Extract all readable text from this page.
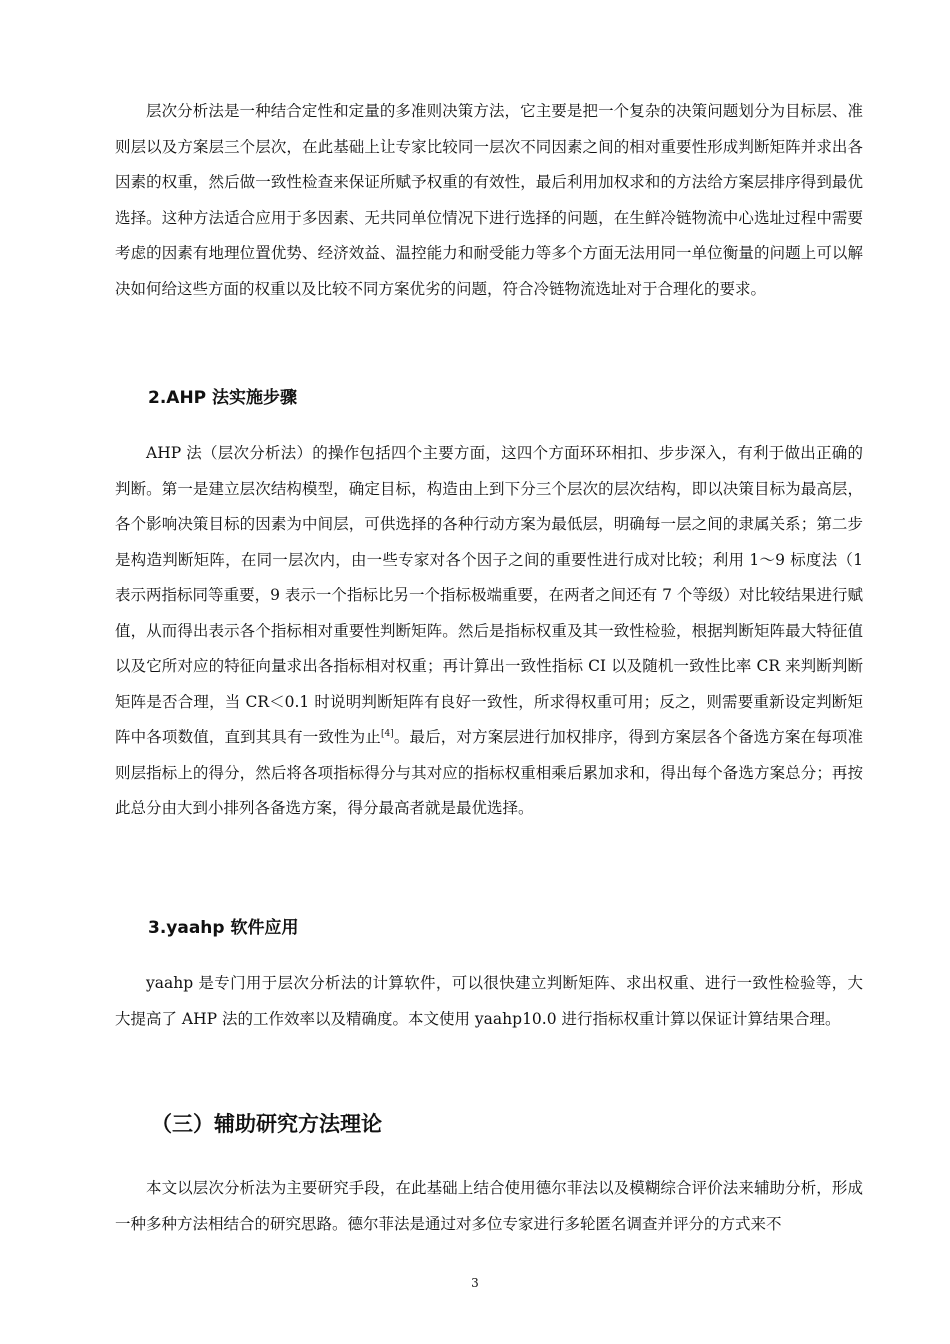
层次分析法是一种结合定性和定量的多准则决策方法，它主要是把一个复杂的决策问题划分为目标层、准则层以及方案层三个层次，在此基础上让专家比较同一层次不同因素之间的相对重要性形成判断矩阵并求出各因素的权重，然后做一致性检查来保证所赋予权重的有效性，最后利用加权求和的方法给方案层排序得到最优选择。这种方法适合应用于多因素、无共同单位情况下进行选择的问题，在生鲜冷链物流中心选址过程中需要考虑的因素有地理位置优势、经济效益、温控能力和耐受能力等多个方面无法用同一单位衡量的问题上可以解决如何给这些方面的权重以及比较不同方案优劣的问题，符合冷链物流选址对于合理化的要求。

2.AHP 法实施步骤

AHP 法（层次分析法）的操作包括四个主要方面，这四个方面环环相扣、步步深入，有利于做出正确的判断。第一是建立层次结构模型，确定目标，构造由上到下分三个层次的层次结构，即以决策目标为最高层，各个影响决策目标的因素为中间层，可供选择的各种行动方案为最低层，明确每一层之间的隶属关系；第二步是构造判断矩阵，在同一层次内，由一些专家对各个因子之间的重要性进行成对比较；利用 1～9 标度法（1 表示两指标同等重要，9 表示一个指标比另一个指标极端重要，在两者之间还有 7 个等级）对比较结果进行赋值，从而得出表示各个指标相对重要性判断矩阵。然后是指标权重及其一致性检验，根据判断矩阵最大特征值以及它所对应的特征向量求出各指标相对权重；再计算出一致性指标 CI 以及随机一致性比率 CR 来判断判断矩阵是否合理，当 CR＜0.1 时说明判断矩阵有良好一致性，所求得权重可用；反之，则需要重新设定判断矩阵中各项数值，直到其具有一致性为止[4]。最后，对方案层进行加权排序，得到方案层各个备选方案在每项准则层指标上的得分，然后将各项指标得分与其对应的指标权重相乘后累加求和，得出每个备选方案总分；再按此总分由大到小排列各备选方案，得分最高者就是最优选择。

3.yaahp 软件应用

yaahp 是专门用于层次分析法的计算软件，可以很快建立判断矩阵、求出权重、进行一致性检验等，大大提高了 AHP 法的工作效率以及精确度。本文使用 yaahp10.0 进行指标权重计算以保证计算结果合理。

（三）辅助研究方法理论

本文以层次分析法为主要研究手段，在此基础上结合使用德尔菲法以及模糊综合评价法来辅助分析，形成一种多种方法相结合的研究思路。德尔菲法是通过对多位专家进行多轮匿名调查并评分的方式来不

3
